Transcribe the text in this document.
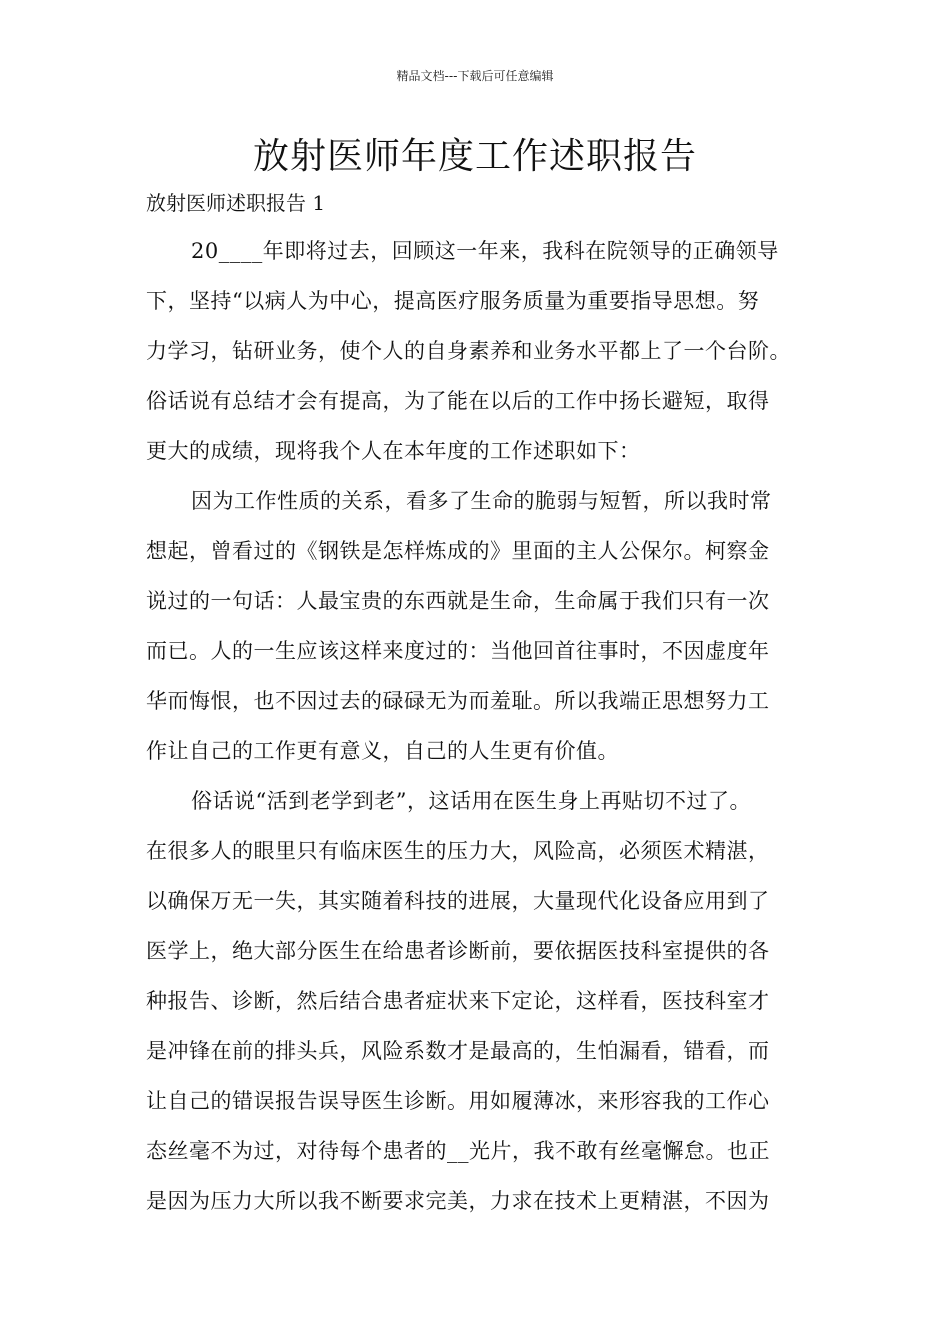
精品文档---下载后可任意编辑
放射医师年度工作述职报告

放射医师述职报告 1

20____年即将过去，回顾这一年来，我科在院领导的正确领导
下，坚持“以病人为中心，提高医疗服务质量为重要指导思想。努
力学习，钻研业务，使个人的自身素养和业务水平都上了一个台阶。
俗话说有总结才会有提高，为了能在以后的工作中扬长避短，取得
更大的成绩，现将我个人在本年度的工作述职如下：
因为工作性质的关系，看多了生命的脆弱与短暂，所以我时常
想起，曾看过的《钢铁是怎样炼成的》里面的主人公保尔。柯察金
说过的一句话：人最宝贵的东西就是生命，生命属于我们只有一次
而已。人的一生应该这样来度过的：当他回首往事时，不因虚度年
华而悔恨，也不因过去的碌碌无为而羞耻。所以我端正思想努力工
作让自己的工作更有意义，自己的人生更有价值。
俗话说“活到老学到老”，这话用在医生身上再贴切不过了。
在很多人的眼里只有临床医生的压力大，风险高，必须医术精湛，
以确保万无一失，其实随着科技的进展，大量现代化设备应用到了
医学上，绝大部分医生在给患者诊断前，要依据医技科室提供的各
种报告、诊断，然后结合患者症状来下定论，这样看，医技科室才
是冲锋在前的排头兵，风险系数才是最高的，生怕漏看，错看，而
让自己的错误报告误导医生诊断。用如履薄冰，来形容我的工作心
态丝毫不为过，对待每个患者的__光片，我不敢有丝毫懈怠。也正
是因为压力大所以我不断要求完美，力求在技术上更精湛，不因为
